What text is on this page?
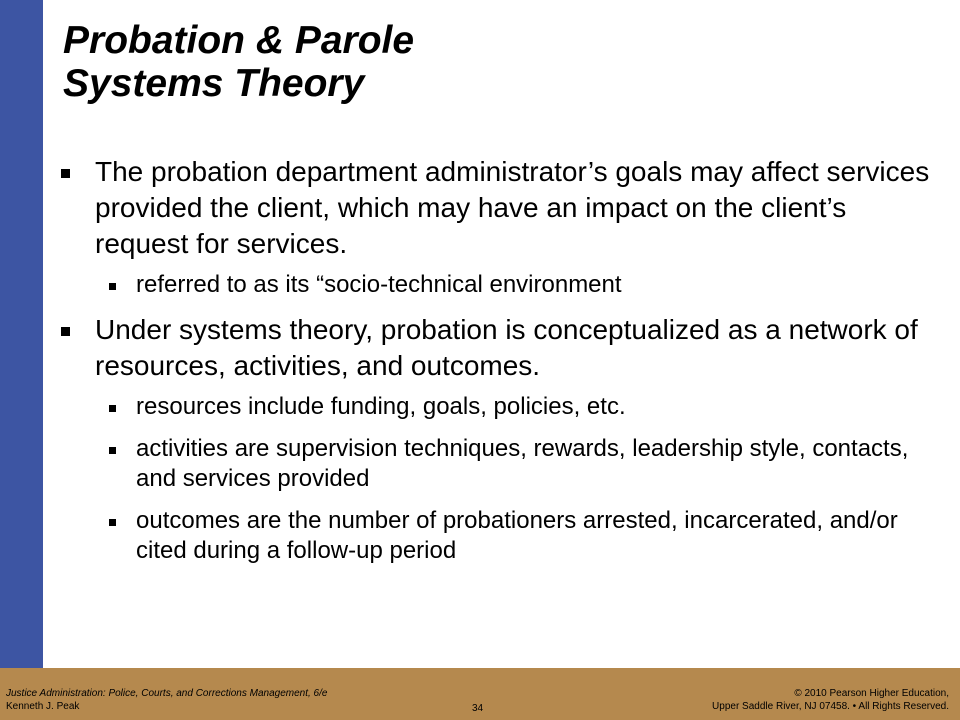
Probation & Parole
Systems Theory
The probation department administrator’s goals may affect services provided the client, which may have an impact on the client’s request for services.
referred to as its “socio-technical environment
Under systems theory, probation is conceptualized as a network of resources, activities, and outcomes.
resources include funding, goals, policies, etc.
activities are supervision techniques, rewards, leadership style, contacts, and services provided
outcomes are the number of probationers arrested, incarcerated, and/or cited during a follow-up period
Justice Administration: Police, Courts, and Corrections Management, 6/e
Kenneth J. Peak	34
© 2010 Pearson Higher Education,
Upper Saddle River, NJ 07458. • All Rights Reserved.
